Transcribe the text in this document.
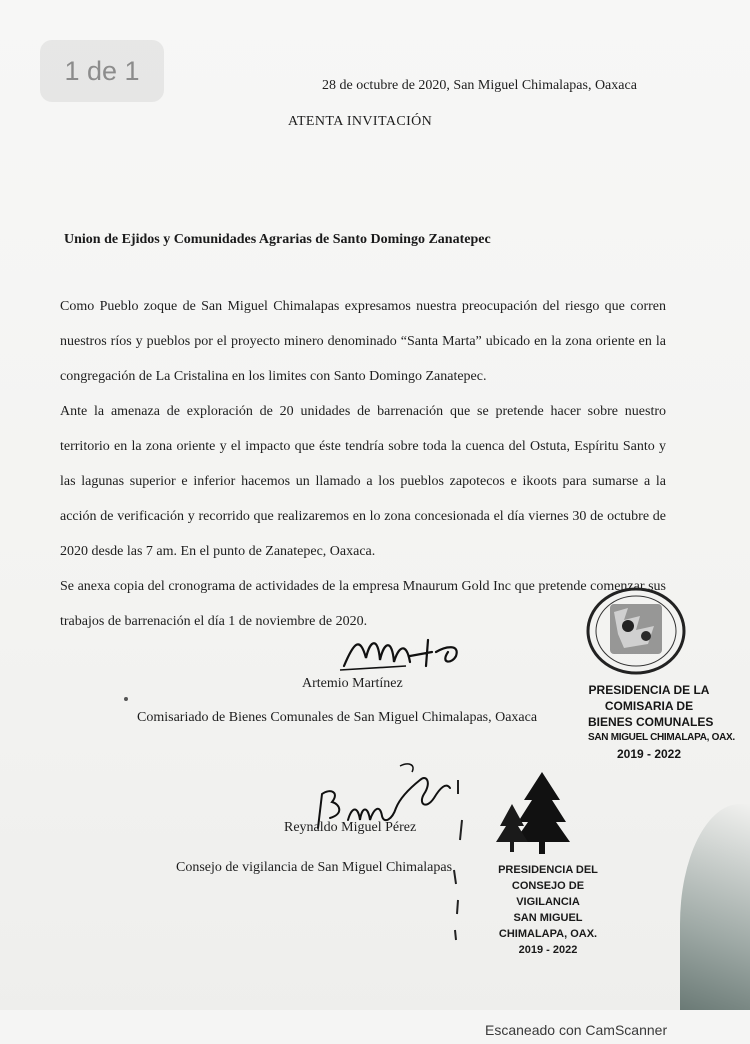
1 de 1	28 de octubre de 2020, San Miguel Chimalapas, Oaxaca
ATENTA INVITACIÓN
Union de Ejidos y Comunidades Agrarias de Santo Domingo Zanatepec

Como Pueblo zoque de San Miguel Chimalapas expresamos nuestra preocupación del riesgo que corren nuestros ríos y pueblos por el proyecto minero denominado “Santa Marta” ubicado en la zona oriente en la congregación de La Cristalina en los limites con Santo Domingo Zanatepec.

Ante la amenaza de exploración de 20 unidades de barrenación que se pretende hacer sobre nuestro territorio en la zona oriente y el impacto que éste tendría sobre toda la cuenca del Ostuta, Espíritu Santo y las lagunas superior e inferior hacemos un llamado a los pueblos zapotecos e ikoots para sumarse a la acción de verificación y recorrido que realizaremos en lo zona concesionada el día viernes 30 de octubre de 2020 desde las 7 am. En el punto de Zanatepec, Oaxaca.

Se anexa copia del cronograma de actividades de la empresa Mnaurum Gold Inc que pretende comenzar sus trabajos de barrenación el día 1 de noviembre de 2020.

Artemio Martínez
Comisariado de Bienes Comunales de San Miguel Chimalapas, Oaxaca
PRESIDENCIA DE LA
COMISARIA DE
BIENES COMUNALES
SAN MIGUEL CHIMALAPA, OAX.
2019 - 2022
Reynaldo Miguel Pérez
Consejo de vigilancia de San Miguel Chimalapas	PRESIDENCIA DEL
CONSEJO DE
VIGILANCIA
SAN MIGUEL
CHIMALAPA, OAX.
2019 - 2022
Escaneado con CamScanner
